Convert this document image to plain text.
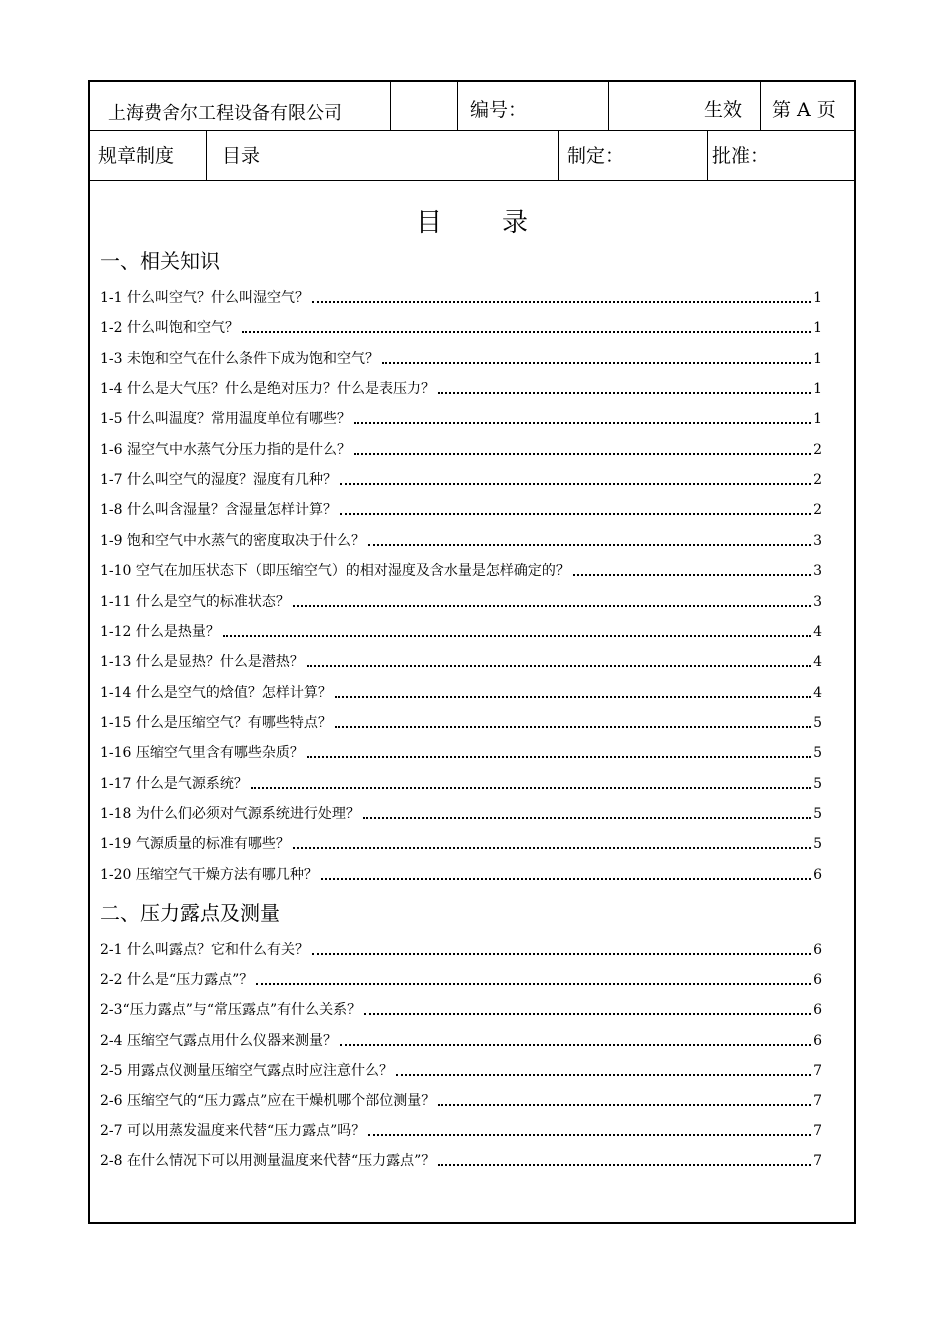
上海费舍尔工程设备有限公司	编号：	生效 第 A 页
规章制度	目录	制定：	批准：
目录
一、相关知识
1-1 什么叫空气？什么叫湿空气？	1
1-2 什么叫饱和空气？	1
1-3 未饱和空气在什么条件下成为饱和空气？	1
1-4 什么是大气压？什么是绝对压力？什么是表压力？	1
1-5 什么叫温度？常用温度单位有哪些？	1
1-6 湿空气中水蒸气分压力指的是什么？	2
1-7 什么叫空气的湿度？湿度有几种？	2
1-8 什么叫含湿量？含湿量怎样计算？	2
1-9 饱和空气中水蒸气的密度取决于什么？	3
1-10 空气在加压状态下（即压缩空气）的相对湿度及含水量是怎样确定的？	3
1-11 什么是空气的标准状态？	3
1-12 什么是热量？	4
1-13 什么是显热？什么是潜热？	4
1-14 什么是空气的焓值？怎样计算？	4
1-15 什么是压缩空气？有哪些特点？	5
1-16 压缩空气里含有哪些杂质？	5
1-17 什么是气源系统？	5
1-18 为什么们必须对气源系统进行处理？	5
1-19 气源质量的标准有哪些？	5
1-20 压缩空气干燥方法有哪几种？	6
二、压力露点及测量
2-1 什么叫露点？它和什么有关？	6
2-2 什么是“压力露点”？	6
2-3“压力露点”与“常压露点”有什么关系？	6
2-4 压缩空气露点用什么仪器来测量？	6
2-5 用露点仪测量压缩空气露点时应注意什么？	7
2-6 压缩空气的“压力露点”应在干燥机哪个部位测量？	7
2-7 可以用蒸发温度来代替“压力露点”吗？	7
2-8 在什么情况下可以用测量温度来代替“压力露点”？	7
